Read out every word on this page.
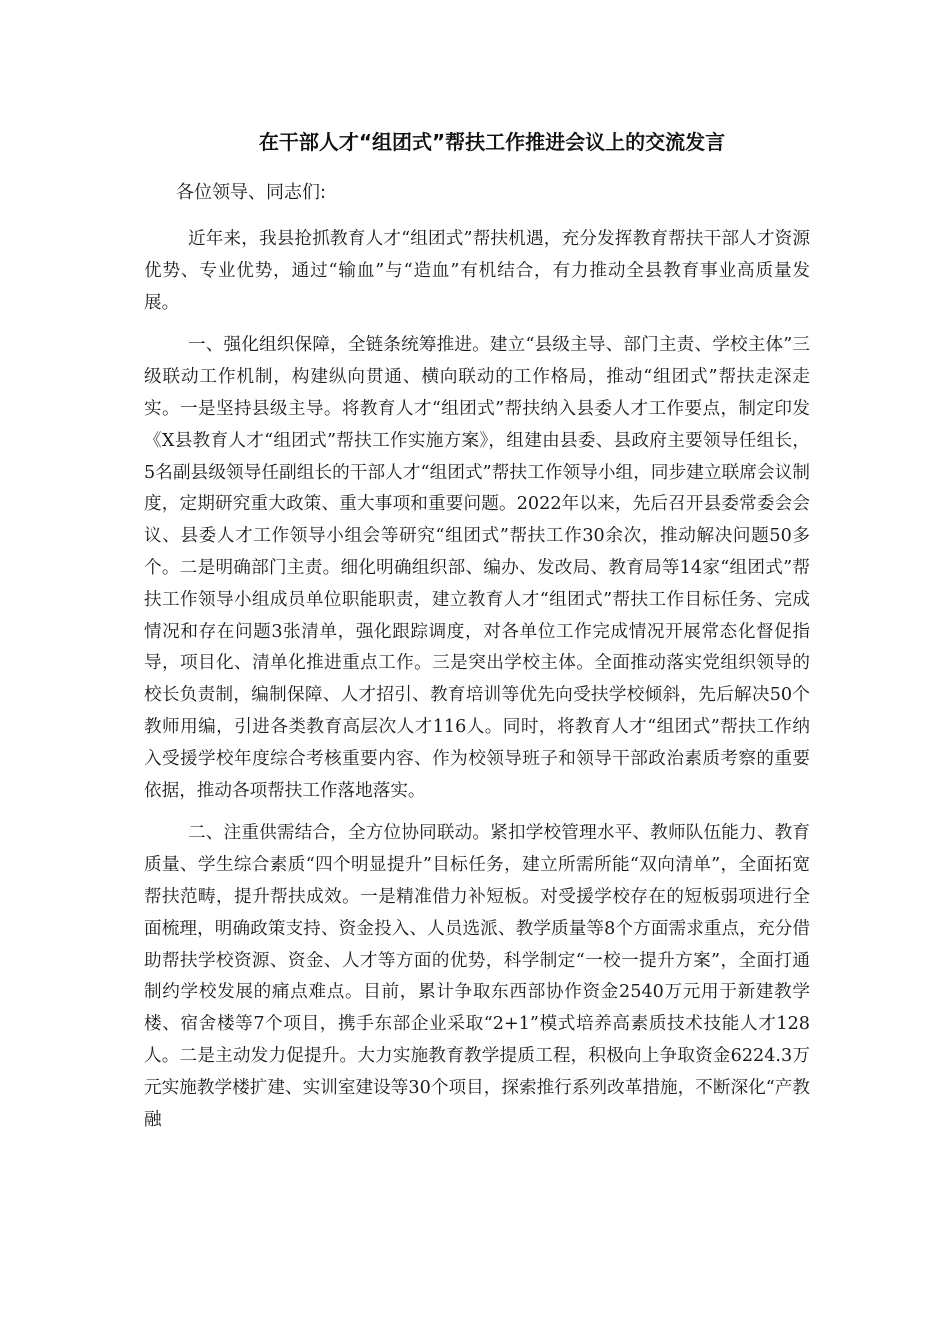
在干部人才“组团式”帮扶工作推进会议上的交流发言
各位领导、同志们:

近年来，我县抢抓教育人才“组团式”帮扶机遇，充分发挥教育帮扶干部人才资源优势、专业优势，通过“输血”与“造血”有机结合，有力推动全县教育事业高质量发展。

一、强化组织保障，全链条统筹推进。建立“县级主导、部门主责、学校主体”三级联动工作机制，构建纵向贯通、横向联动的工作格局，推动“组团式”帮扶走深走实。一是坚持县级主导。将教育人才“组团式”帮扶纳入县委人才工作要点，制定印发《X县教育人才“组团式”帮扶工作实施方案》，组建由县委、县政府主要领导任组长，5名副县级领导任副组长的干部人才“组团式”帮扶工作领导小组，同步建立联席会议制度，定期研究重大政策、重大事项和重要问题。2022年以来，先后召开县委常委会会议、县委人才工作领导小组会等研究“组团式”帮扶工作30余次，推动解决问题50多个。二是明确部门主责。细化明确组织部、编办、发改局、教育局等14家“组团式”帮扶工作领导小组成员单位职能职责，建立教育人才“组团式”帮扶工作目标任务、完成情况和存在问题3张清单，强化跟踪调度，对各单位工作完成情况开展常态化督促指导，项目化、清单化推进重点工作。三是突出学校主体。全面推动落实党组织领导的校长负责制，编制保障、人才招引、教育培训等优先向受扶学校倾斜，先后解决50个教师用编，引进各类教育高层次人才116人。同时，将教育人才“组团式”帮扶工作纳入受援学校年度综合考核重要内容、作为校领导班子和领导干部政治素质考察的重要依据，推动各项帮扶工作落地落实。

二、注重供需结合，全方位协同联动。紧扣学校管理水平、教师队伍能力、教育质量、学生综合素质“四个明显提升”目标任务，建立所需所能“双向清单”，全面拓宽帮扶范畴，提升帮扶成效。一是精准借力补短板。对受援学校存在的短板弱项进行全面梳理，明确政策支持、资金投入、人员选派、教学质量等8个方面需求重点，充分借助帮扶学校资源、资金、人才等方面的优势，科学制定“一校一提升方案”，全面打通制约学校发展的痛点难点。目前，累计争取东西部协作资金2540万元用于新建教学楼、宿舍楼等7个项目，携手东部企业采取“2+1”模式培养高素质技术技能人才128人。二是主动发力促提升。大力实施教育教学提质工程，积极向上争取资金6224.3万元实施教学楼扩建、实训室建设等30个项目，探索推行系列改革措施，不断深化“产教融
